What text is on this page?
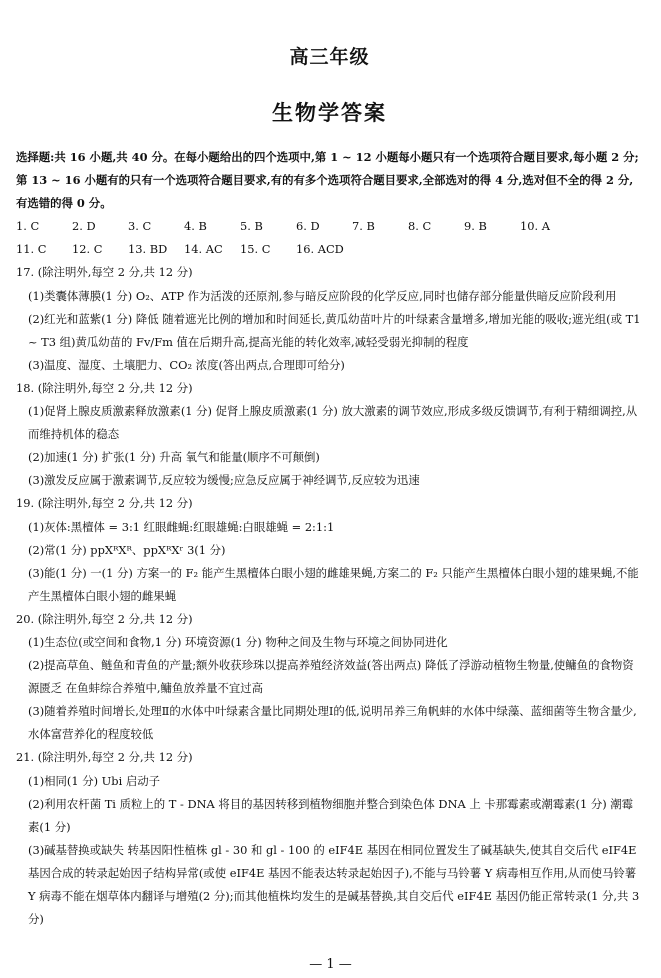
高三年级
生物学答案

选择题:共 16 小题,共 40 分。在每小题给出的四个选项中,第 1 ~ 12 小题每小题只有一个选项符合题目要求,每小题 2 分;第 13 ~ 16 小题有的只有一个选项符合题目要求,有的有多个选项符合题目要求,全部选对的得 4 分,选对但不全的得 2 分,有选错的得 0 分。

1. C	2. D	3. C	4. B	5. B	6. D	7. B	8. C	9. B	10. A
11. C	12. C	13. BD	14. AC	15. C	16. ACD

17. (除注明外,每空 2 分,共 12 分)

(1)类囊体薄膜(1 分) O₂、ATP 作为活泼的还原剂,参与暗反应阶段的化学反应,同时也储存部分能量供暗反应阶段利用

(2)红光和蓝紫(1 分) 降低 随着遮光比例的增加和时间延长,黄瓜幼苗叶片的叶绿素含量增多,增加光能的吸收;遮光组(或 T1 ~ T3 组)黄瓜幼苗的 Fv/Fm 值在后期升高,提高光能的转化效率,减轻受弱光抑制的程度

(3)温度、湿度、土壤肥力、CO₂ 浓度(答出两点,合理即可给分)

18. (除注明外,每空 2 分,共 12 分)

(1)促肾上腺皮质激素释放激素(1 分) 促肾上腺皮质激素(1 分) 放大激素的调节效应,形成多级反馈调节,有利于精细调控,从而维持机体的稳态

(2)加速(1 分) 扩张(1 分) 升高 氧气和能量(顺序不可颠倒)

(3)激发反应属于激素调节,反应较为缓慢;应急反应属于神经调节,反应较为迅速

19. (除注明外,每空 2 分,共 12 分)

(1)灰体:黑檀体 = 3:1 红眼雌蝇:红眼雄蝇:白眼雄蝇 = 2:1:1

(2)常(1 分) ppXᴿXᴿ、ppXᴿXʳ 3(1 分)

(3)能(1 分) 一(1 分) 方案一的 F₂ 能产生黑檀体白眼小翅的雌雄果蝇,方案二的 F₂ 只能产生黑檀体白眼小翅的雄果蝇,不能产生黑檀体白眼小翅的雌果蝇

20. (除注明外,每空 2 分,共 12 分)

(1)生态位(或空间和食物,1 分) 环境资源(1 分) 物种之间及生物与环境之间协同进化

(2)提高草鱼、鲢鱼和青鱼的产量;额外收获珍珠以提高养殖经济效益(答出两点) 降低了浮游动植物生物量,使鳙鱼的食物资源匮乏 在鱼蚌综合养殖中,鳙鱼放养量不宜过高

(3)随着养殖时间增长,处理Ⅱ的水体中叶绿素含量比同期处理Ⅰ的低,说明吊养三角帆蚌的水体中绿藻、蓝细菌等生物含量少,水体富营养化的程度较低

21. (除注明外,每空 2 分,共 12 分)

(1)相同(1 分) Ubi 启动子

(2)利用农杆菌 Ti 质粒上的 T - DNA 将目的基因转移到植物细胞并整合到染色体 DNA 上 卡那霉素或潮霉素(1 分) 潮霉素(1 分)

(3)碱基替换或缺失 转基因阳性植株 gl - 30 和 gl - 100 的 eIF4E 基因在相同位置发生了碱基缺失,使其自交后代 eIF4E 基因合成的转录起始因子结构异常(或使 eIF4E 基因不能表达转录起始因子),不能与马铃薯 Y 病毒相互作用,从而使马铃薯 Y 病毒不能在烟草体内翻译与增殖(2 分);而其他植株均发生的是碱基替换,其自交后代 eIF4E 基因仍能正常转录(1 分,共 3 分)

— 1 —
